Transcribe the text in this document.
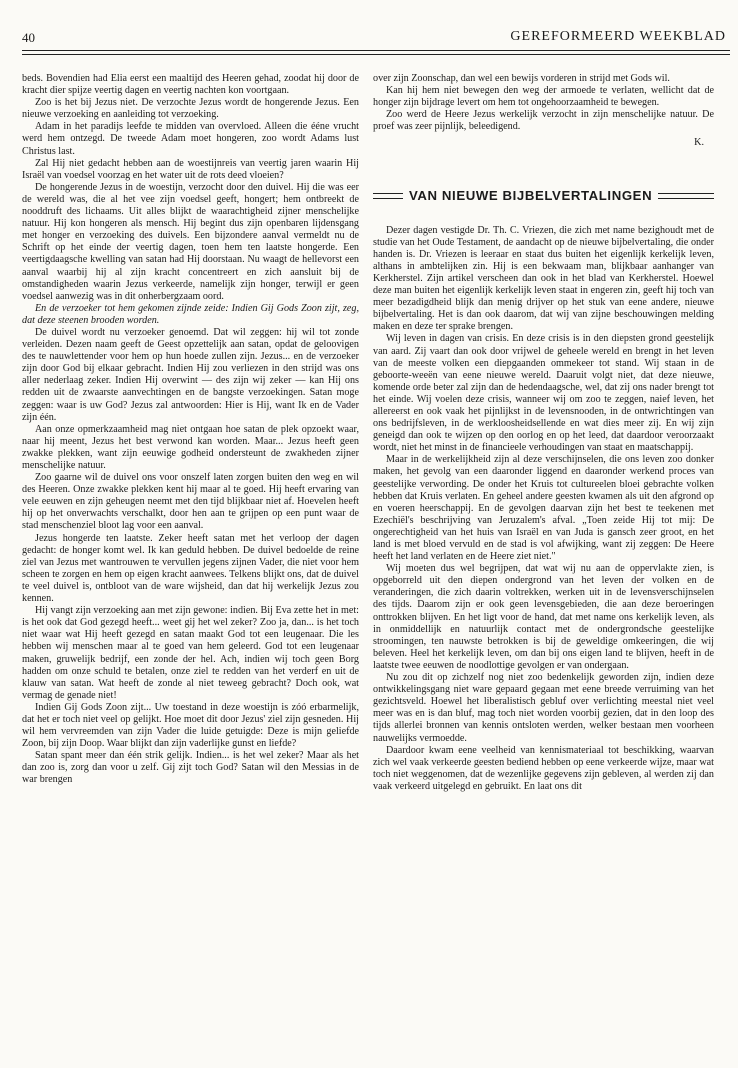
40	GEREFORMEERD WEEKBLAD

beds. Bovendien had Elia eerst een maaltijd des Heeren gehad, zoodat hij door de kracht dier spijze veertig dagen en veertig nachten kon voortgaan.

Zoo is het bij Jezus niet. De verzochte Jezus wordt de hongerende Jezus. Een nieuwe verzoeking en aanleiding tot verzoeking.

Adam in het paradijs leefde te midden van overvloed. Alleen die ééne vrucht werd hem ontzegd. De tweede Adam moet hongeren, zoo wordt Adams lust Christus last.

Zal Hij niet gedacht hebben aan de woestijnreis van veertig jaren waarin Hij Israël van voedsel voorzag en het water uit de rots deed vloeien?

De hongerende Jezus in de woestijn, verzocht door den duivel. Hij die was eer de wereld was, die al het vee zijn voedsel geeft, hongert; hem ontbreekt de nooddruft des lichaams. Uit alles blijkt de waarachtigheid zijner menschelijke natuur. Hij kon hongeren als mensch. Hij begint dus zijn openbaren lijdensgang met honger en verzoeking des duivels. Een bijzondere aanval vermeldt nu de Schrift op het einde der veertig dagen, toen hem ten laatste hongerde. Een veertigdaagsche kwelling van satan had Hij doorstaan. Nu waagt de hellevorst een aanval waarbij hij al zijn kracht concentreert en zich aansluit bij de omstandigheden waarin Jezus verkeerde, namelijk zijn honger, terwijl er geen voedsel aanwezig was in dit onherbergzaam oord.

En de verzoeker tot hem gekomen zijnde zeide: Indien Gij Gods Zoon zijt, zeg, dat deze steenen brooden worden.

De duivel wordt nu verzoeker genoemd. Dat wil zeggen: hij wil tot zonde verleiden. Dezen naam geeft de Geest opzettelijk aan satan, opdat de geloovigen des te nauwlettender voor hem op hun hoede zullen zijn. Jezus... en de verzoeker zijn door God bij elkaar gebracht. Indien Hij zou verliezen in den strijd was ons aller nederlaag zeker. Indien Hij overwint — des zijn wij zeker — kan Hij ons redden uit de zwaarste aanvechtingen en de bangste verzoekingen. Satan moge zeggen: waar is uw God? Jezus zal antwoorden: Hier is Hij, want Ik en de Vader zijn één.

Aan onze opmerkzaamheid mag niet ontgaan hoe satan de plek opzoekt waar, naar hij meent, Jezus het best verwond kan worden. Maar... Jezus heeft geen zwakke plekken, want zijn eeuwige godheid ondersteunt de zwakheden zijner menschelijke natuur.

Zoo gaarne wil de duivel ons voor onszelf laten zorgen buiten den weg en wil des Heeren. Onze zwakke plekken kent hij maar al te goed. Hij heeft ervaring van vele eeuwen en zijn geheugen neemt met den tijd blijkbaar niet af. Hoevelen heeft hij op het onverwachts verschalkt, door hen aan te grijpen op een punt waar de stad menschenziel bloot lag voor een aanval.

Jezus hongerde ten laatste. Zeker heeft satan met het verloop der dagen gedacht: de honger komt wel. Ik kan geduld hebben. De duivel bedoelde de reine ziel van Jezus met wantrouwen te vervullen jegens zijnen Vader, die niet voor hem scheen te zorgen en hem op eigen kracht aanwees. Telkens blijkt ons, dat de duivel te veel duivel is, ontbloot van de ware wijsheid, dan dat hij werkelijk Jezus zou kennen.

Hij vangt zijn verzoeking aan met zijn gewone: indien. Bij Eva zette het in met: is het ook dat God gezegd heeft... weet gij het wel zeker? Zoo ja, dan... is het toch niet waar wat Hij heeft gezegd en satan maakt God tot een leugenaar. Die les hebben wij menschen maar al te goed van hem geleerd. God tot een leugenaar maken, gruwelijk bedrijf, een zonde der hel. Ach, indien wij toch geen Borg hadden om onze schuld te betalen, onze ziel te redden van het verderf en uit de klauw van satan. Wat heeft de zonde al niet teweeg gebracht? Doch ook, wat vermag de genade niet!

Indien Gij Gods Zoon zijt... Uw toestand in deze woestijn is zóó erbarmelijk, dat het er toch niet veel op gelijkt. Hoe moet dit door Jezus' ziel zijn gesneden. Hij wil hem vervreemden van zijn Vader die luide getuigde: Deze is mijn geliefde Zoon, bij zijn Doop. Waar blijkt dan zijn vaderlijke gunst en liefde?

Satan spant meer dan één strik gelijk. Indien... is het wel zeker? Maar als het dan zoo is, zorg dan voor u zelf. Gij zijt toch God? Satan wil den Messias in de war brengen

over zijn Zoonschap, dan wel een bewijs vorderen in strijd met Gods wil.

Kan hij hem niet bewegen den weg der armoede te verlaten, wellicht dat de honger zijn bijdrage levert om hem tot ongehoorzaamheid te bewegen.

Zoo werd de Heere Jezus werkelijk verzocht in zijn menschelijke natuur. De proef was zeer pijnlijk, beleedigend.

K.
VAN NIEUWE BIJBELVERTALINGEN

Dezer dagen vestigde Dr. Th. C. Vriezen, die zich met name bezighoudt met de studie van het Oude Testament, de aandacht op de nieuwe bijbelvertaling, die onder handen is. Dr. Vriezen is leeraar en staat dus buiten het eigenlijk kerkelijk leven, althans in ambtelijken zin. Hij is een bekwaam man, blijkbaar aanhanger van Kerkherstel. Zijn artikel verscheen dan ook in het blad van Kerkherstel. Hoewel deze man buiten het eigenlijk kerkelijk leven staat in engeren zin, geeft hij toch van meer bezadigdheid blijk dan menig drijver op het stuk van eene andere, nieuwe bijbelvertaling. Het is dan ook daarom, dat wij van zijne beschouwingen melding maken en deze ter sprake brengen.

Wij leven in dagen van crisis. En deze crisis is in den diepsten grond geestelijk van aard. Zij vaart dan ook door vrijwel de geheele wereld en brengt in het leven van de meeste volken een diepgaanden ommekeer tot stand. Wij staan in de geboorte-weeën van eene nieuwe wereld. Daaruit volgt niet, dat deze nieuwe, komende orde beter zal zijn dan de hedendaagsche, wel, dat zij ons nader brengt tot het einde. Wij voelen deze crisis, wanneer wij om zoo te zeggen, naief leven, het allereerst en ook vaak het pijnlijkst in de levensnooden, in de ontwrichtingen van ons bedrijfsleven, in de werkloosheidsellende en wat dies meer zij. En wij zijn geneigd dan ook te wijzen op den oorlog en op het leed, dat daardoor veroorzaakt wordt, niet het minst in de financieele verhoudingen van staat en maatschappij.

Maar in de werkelijkheid zijn al deze verschijnselen, die ons leven zoo donker maken, het gevolg van een daaronder liggend en daaronder werkend proces van geestelijke verwording. De onder het Kruis tot cultureelen bloei gebrachte volken hebben dat Kruis verlaten. En geheel andere geesten kwamen als uit den afgrond op en voeren heerschappij. En de gevolgen daarvan zijn het best te teekenen met Ezechiël's beschrijving van Jeruzalem's afval. „Toen zeide Hij tot mij: De ongerechtigheid van het huis van Israël en van Juda is gansch zeer groot, en het land is met bloed vervuld en de stad is vol afwijking, want zij zeggen: De Heere heeft het land verlaten en de Heere ziet niet."

Wij moeten dus wel begrijpen, dat wat wij nu aan de oppervlakte zien, is opgeborreld uit den diepen ondergrond van het leven der volken en de veranderingen, die zich daarin voltrekken, werken uit in de levensverschijnselen des tijds. Daarom zijn er ook geen levensgebieden, die aan deze beroeringen onttrokken blijven. En het ligt voor de hand, dat met name ons kerkelijk leven, als in onmiddellijk en natuurlijk contact met de ondergrondsche geestelijke stroomingen, ten nauwste betrokken is bij de geweldige omkeeringen, die wij beleven. Heel het kerkelijk leven, om dan bij ons eigen land te blijven, heeft in de laatste twee eeuwen de noodlottige gevolgen er van ondergaan.

Nu zou dit op zichzelf nog niet zoo bedenkelijk geworden zijn, indien deze ontwikkelingsgang niet ware gepaard gegaan met eene breede verruiming van het gezichtsveld. Hoewel het liberalistisch gebluf over verlichting meestal niet veel meer was en is dan bluf, mag toch niet worden voorbij gezien, dat in den loop des tijds allerlei bronnen van kennis ontsloten werden, welker bestaan men voorheen nauwelijks vermoedde.

Daardoor kwam eene veelheid van kennismateriaal tot beschikking, waarvan zich wel vaak verkeerde geesten bediend hebben op eene verkeerde wijze, maar wat toch niet weggenomen, dat de wezenlijke gegevens zijn gebleven, al werden zij dan vaak verkeerd uitgelegd en gebruikt. En laat ons dit
